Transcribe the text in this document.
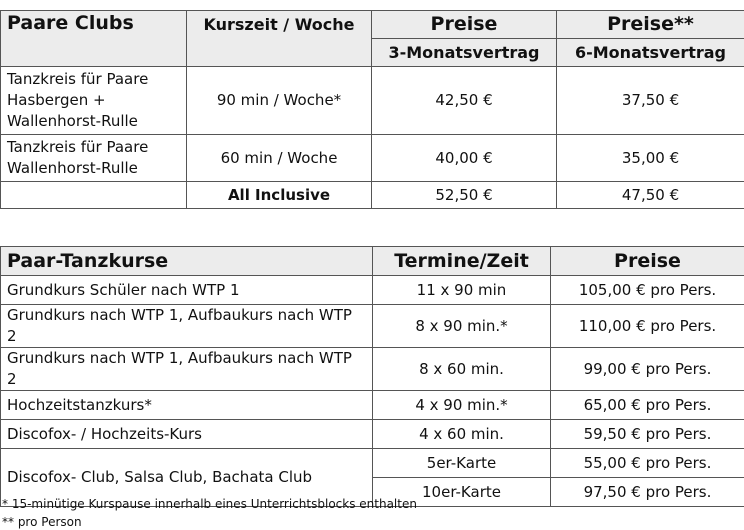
Paare Clubs	Kurszeit / Woche	Preise	Preise**
		3-Monatsvertrag	6-Monatsvertrag

Tanzkreis für Paare
Hasbergen +
Wallenhorst-Rulle	90 min / Woche*	42,50 €	37,50 €

Tanzkreis für Paare
Wallenhorst-Rulle	60 min / Woche	40,00 €	35,00 €
	All Inclusive	52,50 €	47,50 €
Paar-Tanzkurse	Termine/Zeit	Preise
Grundkurs Schüler nach WTP 1	11 x 90 min	105,00 € pro Pers.
Grundkurs nach WTP 1, Aufbaukurs nach WTP 2	8 x 90 min.*	110,00 € pro Pers.
Grundkurs nach WTP 1, Aufbaukurs nach WTP 2	8 x 60 min.	99,00 € pro Pers.
Hochzeitstanzkurs*	4 x 90 min.*	65,00 € pro Pers.
Discofox- / Hochzeits-Kurs	4 x 60 min.	59,50 € pro Pers.
Discofox- Club, Salsa Club, Bachata Club	5er-Karte	55,00 € pro Pers.
	10er-Karte	97,50 € pro Pers.
* 15-minütige Kurspause innerhalb eines Unterrichtsblocks enthalten
** pro Person
